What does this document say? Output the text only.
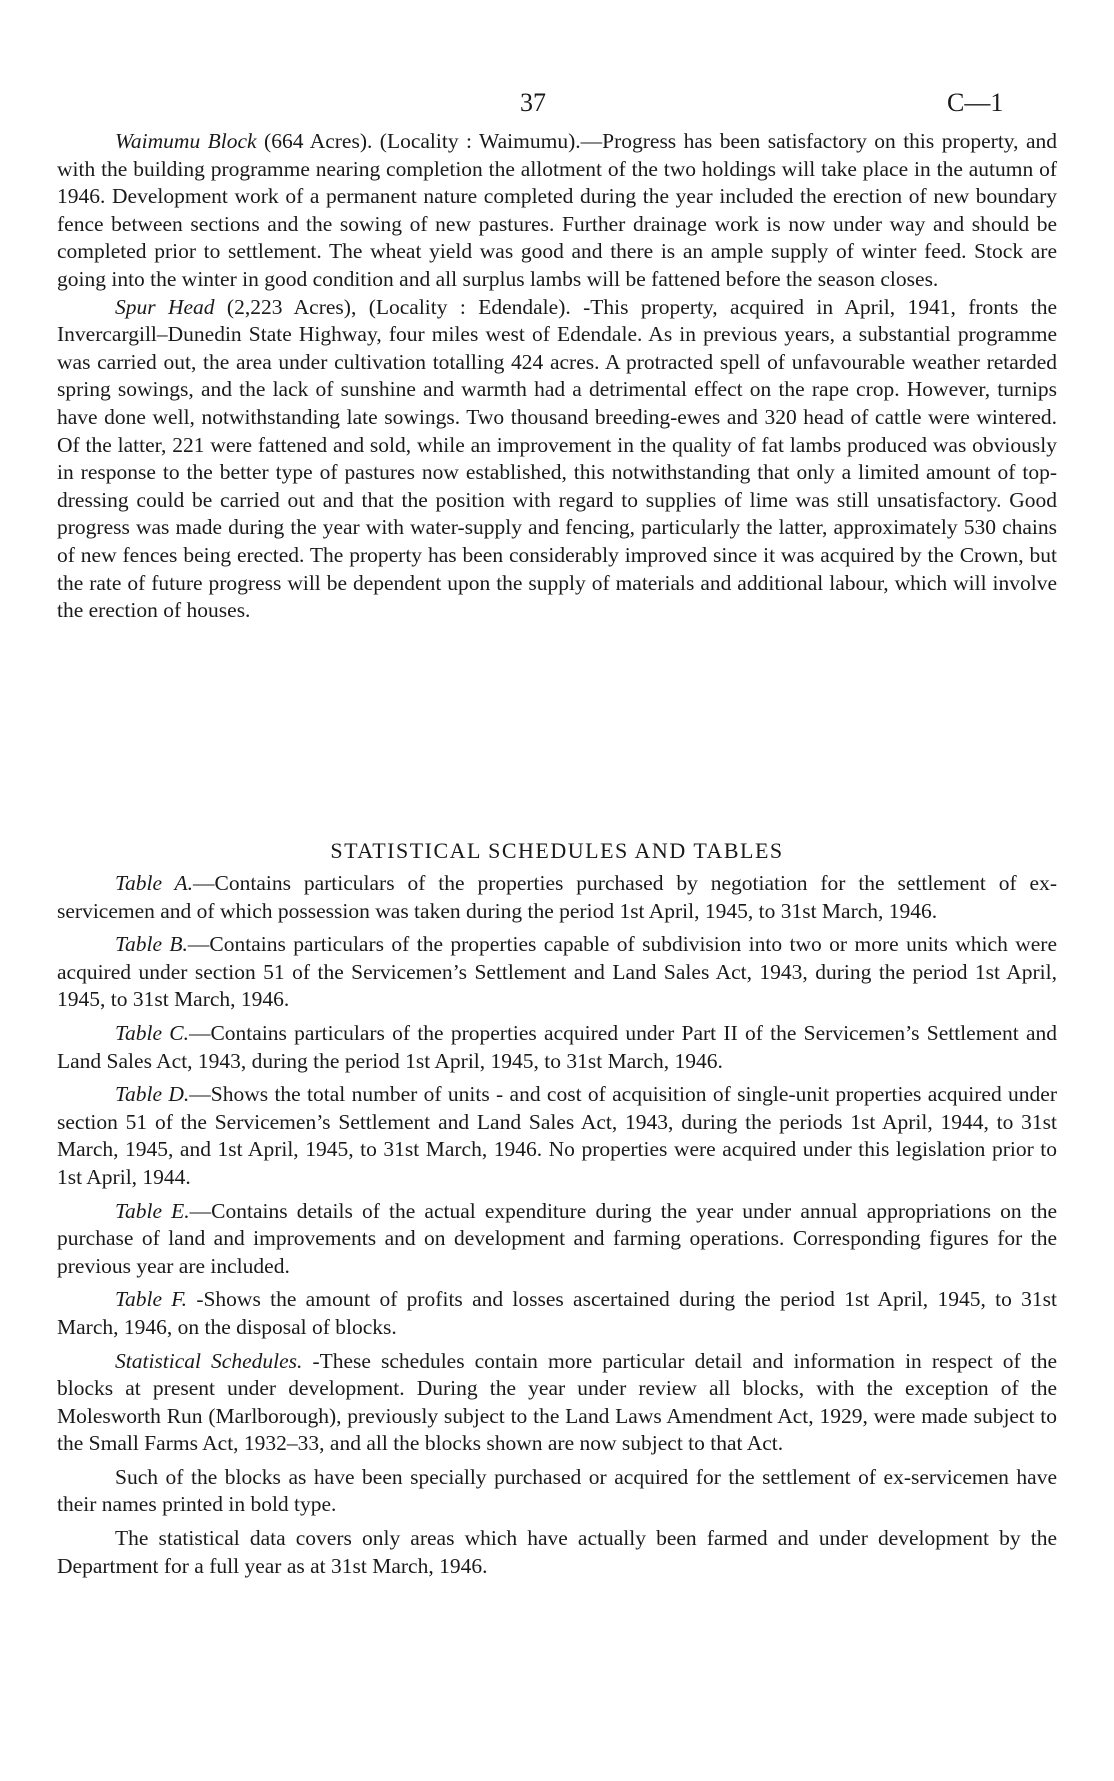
37	C—1

Waimumu Block (664 Acres). (Locality : Waimumu).—Progress has been satisfactory on this property, and with the building programme nearing completion the allotment of the two holdings will take place in the autumn of 1946. Development work of a permanent nature completed during the year included the erection of new boundary fence between sections and the sowing of new pastures. Further drainage work is now under way and should be completed prior to settlement. The wheat yield was good and there is an ample supply of winter feed. Stock are going into the winter in good condition and all surplus lambs will be fattened before the season closes.

Spur Head (2,223 Acres), (Locality : Edendale). -This property, acquired in April, 1941, fronts the Invercargill–Dunedin State Highway, four miles west of Edendale. As in previous years, a substantial programme was carried out, the area under cultivation totalling 424 acres. A protracted spell of unfavourable weather retarded spring sowings, and the lack of sunshine and warmth had a detrimental effect on the rape crop. However, turnips have done well, notwithstanding late sowings. Two thousand breeding-ewes and 320 head of cattle were wintered. Of the latter, 221 were fattened and sold, while an improvement in the quality of fat lambs produced was obviously in response to the better type of pastures now established, this notwithstanding that only a limited amount of top-dressing could be carried out and that the position with regard to supplies of lime was still unsatisfactory. Good progress was made during the year with water-supply and fencing, particularly the latter, approximately 530 chains of new fences being erected. The property has been considerably improved since it was acquired by the Crown, but the rate of future progress will be dependent upon the supply of materials and additional labour, which will involve the erection of houses.

STATISTICAL SCHEDULES AND TABLES

Table A.—Contains particulars of the properties purchased by negotiation for the settlement of ex-servicemen and of which possession was taken during the period 1st April, 1945, to 31st March, 1946.

Table B.—Contains particulars of the properties capable of subdivision into two or more units which were acquired under section 51 of the Servicemen’s Settlement and Land Sales Act, 1943, during the period 1st April, 1945, to 31st March, 1946.

Table C.—Contains particulars of the properties acquired under Part II of the Servicemen’s Settlement and Land Sales Act, 1943, during the period 1st April, 1945, to 31st March, 1946.

Table D.—Shows the total number of units - and cost of acquisition of single-unit properties acquired under section 51 of the Servicemen’s Settlement and Land Sales Act, 1943, during the periods 1st April, 1944, to 31st March, 1945, and 1st April, 1945, to 31st March, 1946. No properties were acquired under this legislation prior to 1st April, 1944.

Table E.—Contains details of the actual expenditure during the year under annual appropriations on the purchase of land and improvements and on development and farming operations. Corresponding figures for the previous year are included.

Table F. -Shows the amount of profits and losses ascertained during the period 1st April, 1945, to 31st March, 1946, on the disposal of blocks.

Statistical Schedules. -These schedules contain more particular detail and information in respect of the blocks at present under development. During the year under review all blocks, with the exception of the Molesworth Run (Marlborough), previously subject to the Land Laws Amendment Act, 1929, were made subject to the Small Farms Act, 1932–33, and all the blocks shown are now subject to that Act.

Such of the blocks as have been specially purchased or acquired for the settlement of ex-servicemen have their names printed in bold type.

The statistical data covers only areas which have actually been farmed and under development by the Department for a full year as at 31st March, 1946.
